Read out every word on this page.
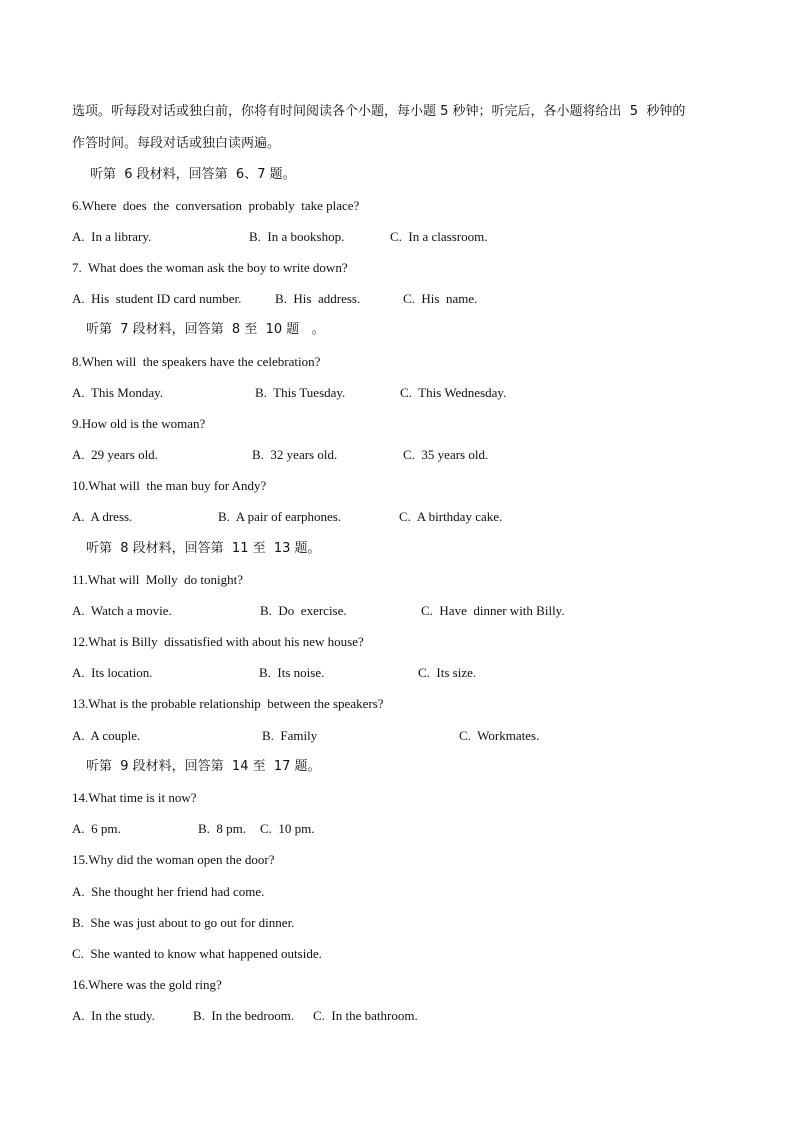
选项。听每段对话或独白前，你将有时间阅读各个小题，每小题 5 秒钟；听完后，各小题将给出  5  秒钟的
作答时间。每段对话或独白读两遍。
听第  6 段材料，回答第  6、7 题。
6.Where  does  the  conversation  probably  take place?
A.  In a library.	B.  In a bookshop.	C.  In a classroom.
7.  What does the woman ask the boy to write down?
A.  His  student ID card number.	B.  His  address.	C.  His  name.
听第  7 段材料，回答第  8 至  10 题   。
8.When will  the speakers have the celebration?
A.  This Monday.	B.  This Tuesday.	C.  This Wednesday.
9.How old is the woman?
A.  29 years old.	B.  32 years old.	C.  35 years old.
10.What will  the man buy for Andy?
A.  A dress.	B.  A pair of earphones.	C.  A birthday cake.
听第  8 段材料，回答第  11 至  13 题。
11.What will  Molly  do tonight?
A.  Watch a movie.	B.  Do  exercise.	C.  Have  dinner with Billy.
12.What is Billy  dissatisfied with about his new house?
A.  Its location.	B.  Its noise.	C.  Its size.
13.What is the probable relationship  between the speakers?
A.  A couple.	B.  Family	C.  Workmates.
听第  9 段材料，回答第  14 至  17 题。
14.What time is it now?
A.  6 pm.	B.  8 pm. C.  10 pm.
15.Why did the woman open the door?
A.  She thought her friend had come.
B.  She was just about to go out for dinner.
C.  She wanted to know what happened outside.
16.Where was the gold ring?
A.  In the study.	B.  In the bedroom. C.  In the bathroom.
